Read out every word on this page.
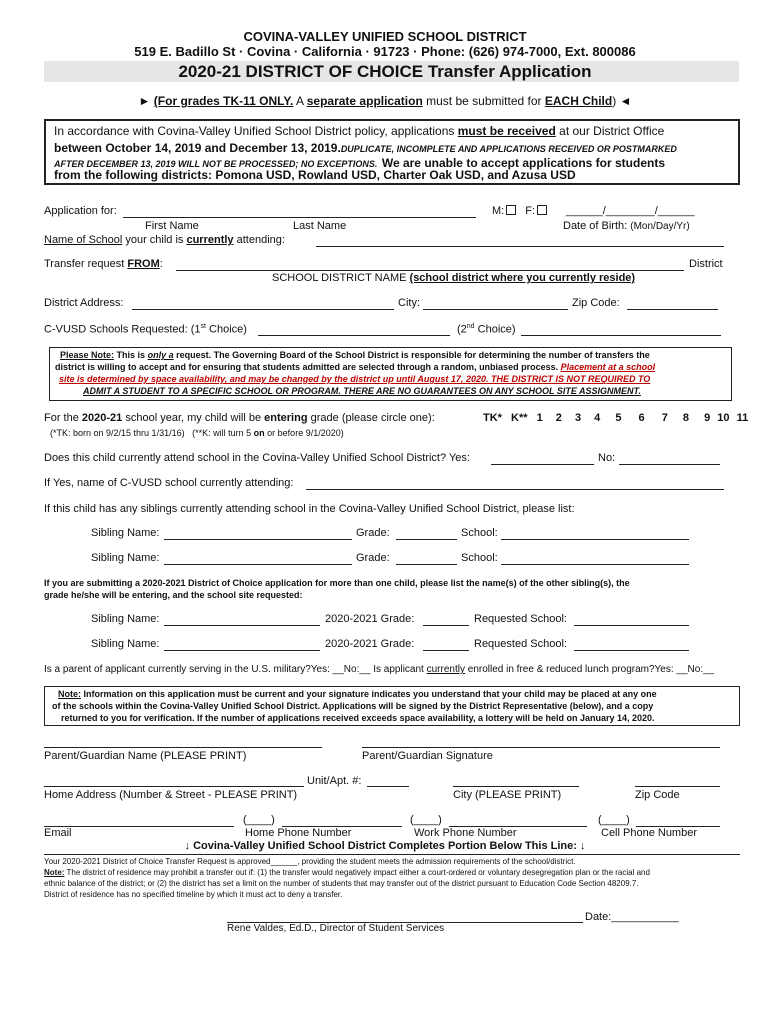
COVINA-VALLEY UNIFIED SCHOOL DISTRICT
519 E. Badillo St · Covina · California · 91723 · Phone: (626) 974-7000, Ext. 800086
2020-21 DISTRICT OF CHOICE Transfer Application
► (For grades TK-11 ONLY. A separate application must be submitted for EACH Child) ◄
In accordance with Covina-Valley Unified School District policy, applications must be received at our District Office
between October 14, 2019 and December 13, 2019.DUPLICATE, INCOMPLETE AND APPLICATIONS RECEIVED OR POSTMARKED
AFTER DECEMBER 13, 2019 WILL NOT BE PROCESSED; NO EXCEPTIONS. We are unable to accept applications for students
from the following districts: Pomona USD, Rowland USD, Charter Oak USD, and Azusa USD
Application for:	M: F:	______/________/______
First Name	Last Name	Date of Birth: (Mon/Day/Yr)
Name of School your child is currently attending:
Transfer request FROM:	District
SCHOOL DISTRICT NAME (school district where you currently reside)
District Address:	City:	Zip Code:
C-VUSD Schools Requested: (1st Choice)	(2nd Choice)
Please Note: This is only a request. The Governing Board of the School District is responsible for determining the number of transfers the
district is willing to accept and for ensuring that students admitted are selected through a random, unbiased process. Placement at a school
site is determined by space availability, and may be changed by the district up until August 17, 2020. THE DISTRICT IS NOT REQUIRED TO
ADMIT A STUDENT TO A SPECIFIC SCHOOL OR PROGRAM. THERE ARE NO GUARANTEES ON ANY SCHOOL SITE ASSIGNMENT.
For the 2020-21 school year, my child will be entering grade (please circle one):	TK* K** 1 2 3 4 5 6 7 8 9 10 11
(*TK: born on 9/2/15 thru 1/31/16) (**K: will turn 5 on or before 9/1/2020)
Does this child currently attend school in the Covina-Valley Unified School District? Yes:	No:
If Yes, name of C-VUSD school currently attending:
If this child has any siblings currently attending school in the Covina-Valley Unified School District, please list:
Sibling Name:	Grade:	School:
Sibling Name:	Grade:	School:
If you are submitting a 2020-2021 District of Choice application for more than one child, please list the name(s) of the other sibling(s), the
grade he/she will be entering, and the school site requested:
Sibling Name:	2020-2021 Grade:	Requested School:
Sibling Name:	2020-2021 Grade:	Requested School:
Is a parent of applicant currently serving in the U.S. military?Yes: __No:__ Is applicant currently enrolled in free & reduced lunch program?Yes: __No:__
Note: Information on this application must be current and your signature indicates you understand that your child may be placed at any one
of the schools within the Covina-Valley Unified School District. Applications will be signed by the District Representative (below), and a copy
returned to you for verification. If the number of applications received exceeds space availability, a lottery will be held on January 14, 2020.
Parent/Guardian Name (PLEASE PRINT)	Parent/Guardian Signature
Unit/Apt. #:
Home Address (Number & Street - PLEASE PRINT)	City (PLEASE PRINT)	Zip Code
(____)	(____)	(____)
Email	Home Phone Number	Work Phone Number	Cell Phone Number
↓ Covina-Valley Unified School District Completes Portion Below This Line: ↓
Your 2020-2021 District of Choice Transfer Request is approved______, providing the student meets the admission requirements of the school/district.
Note: The district of residence may prohibit a transfer out if: (1) the transfer would negatively impact either a court-ordered or voluntary desegregation plan or the racial and
ethnic balance of the district; or (2) the district has set a limit on the number of students that may transfer out of the district pursuant to Education Code Section 48209.7.
District of residence has no specified timeline by which it must act to deny a transfer.
Date:___________
Rene Valdes, Ed.D., Director of Student Services
